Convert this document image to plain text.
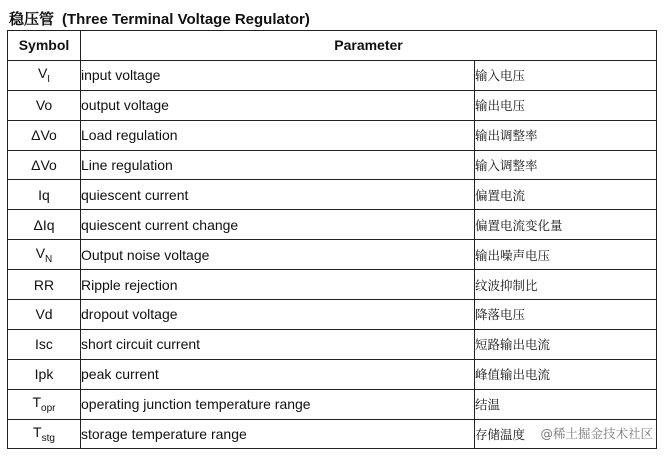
稳压管 (Three Terminal Voltage Regulator)
Symbol	Parameter	
$V_I$	input voltage	输入电压
Vo	output voltage	输出电压
ΔVo	Load regulation	输出调整率
ΔVo	Line regulation	输入调整率
Iq	quiescent current	偏置电流
ΔIq	quiescent current change	偏置电流变化量
$V_N$	Output noise voltage	输出噪声电压
RR	Ripple rejection	纹波抑制比
Vd	dropout voltage	降落电压
Isc	short circuit current	短路输出电流
Ipk	peak current	峰值输出电流
$T_{opr}$	operating junction temperature range	结温
$T_{stg}$	storage temperature range	存储温度 @稀土掘金技术社区
